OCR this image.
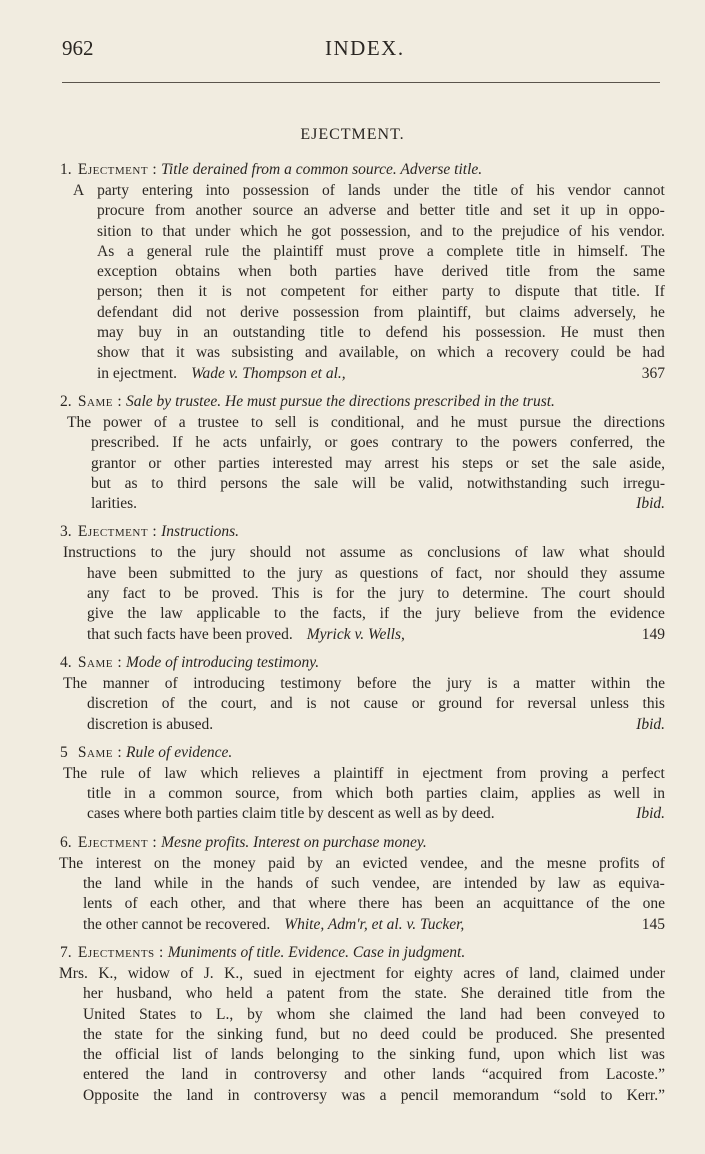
962	INDEX.
EJECTMENT.
1. Ejectment : Title derained from a common source. Adverse title.
A party entering into possession of lands under the title of his vendor cannot
procure from another source an adverse and better title and set it up in oppo-
sition to that under which he got possession, and to the prejudice of his vendor.
As a general rule the plaintiff must prove a complete title in himself. The
exception obtains when both parties have derived title from the same
person; then it is not competent for either party to dispute that title. If
defendant did not derive possession from plaintiff, but claims adversely, he
may buy in an outstanding title to defend his possession. He must then
show that it was subsisting and available, on which a recovery could be had
in ejectment. Wade v. Thompson et al.,	367
2. Same : Sale by trustee. He must pursue the directions prescribed in the trust.
The power of a trustee to sell is conditional, and he must pursue the directions
prescribed. If he acts unfairly, or goes contrary to the powers conferred, the
grantor or other parties interested may arrest his steps or set the sale aside,
but as to third persons the sale will be valid, notwithstanding such irregu-
larities.	Ibid.
3. Ejectment : Instructions.
Instructions to the jury should not assume as conclusions of law what should
have been submitted to the jury as questions of fact, nor should they assume
any fact to be proved. This is for the jury to determine. The court should
give the law applicable to the facts, if the jury believe from the evidence
that such facts have been proved. Myrick v. Wells,	149
4. Same : Mode of introducing testimony.
The manner of introducing testimony before the jury is a matter within the
discretion of the court, and is not cause or ground for reversal unless this
discretion is abused.	Ibid.
5 Same : Rule of evidence.
The rule of law which relieves a plaintiff in ejectment from proving a perfect
title in a common source, from which both parties claim, applies as well in
cases where both parties claim title by descent as well as by deed.	Ibid.
6. Ejectment : Mesne profits. Interest on purchase money.
The interest on the money paid by an evicted vendee, and the mesne profits of
the land while in the hands of such vendee, are intended by law as equiva-
lents of each other, and that where there has been an acquittance of the one
the other cannot be recovered. White, Adm'r, et al. v. Tucker,	145
7. Ejectments : Muniments of title. Evidence. Case in judgment.
Mrs. K., widow of J. K., sued in ejectment for eighty acres of land, claimed under
her husband, who held a patent from the state. She derained title from the
United States to L., by whom she claimed the land had been conveyed to
the state for the sinking fund, but no deed could be produced. She presented
the official list of lands belonging to the sinking fund, upon which list was
entered the land in controversy and other lands “acquired from Lacoste.”
Opposite the land in controversy was a pencil memorandum “sold to Kerr.”
